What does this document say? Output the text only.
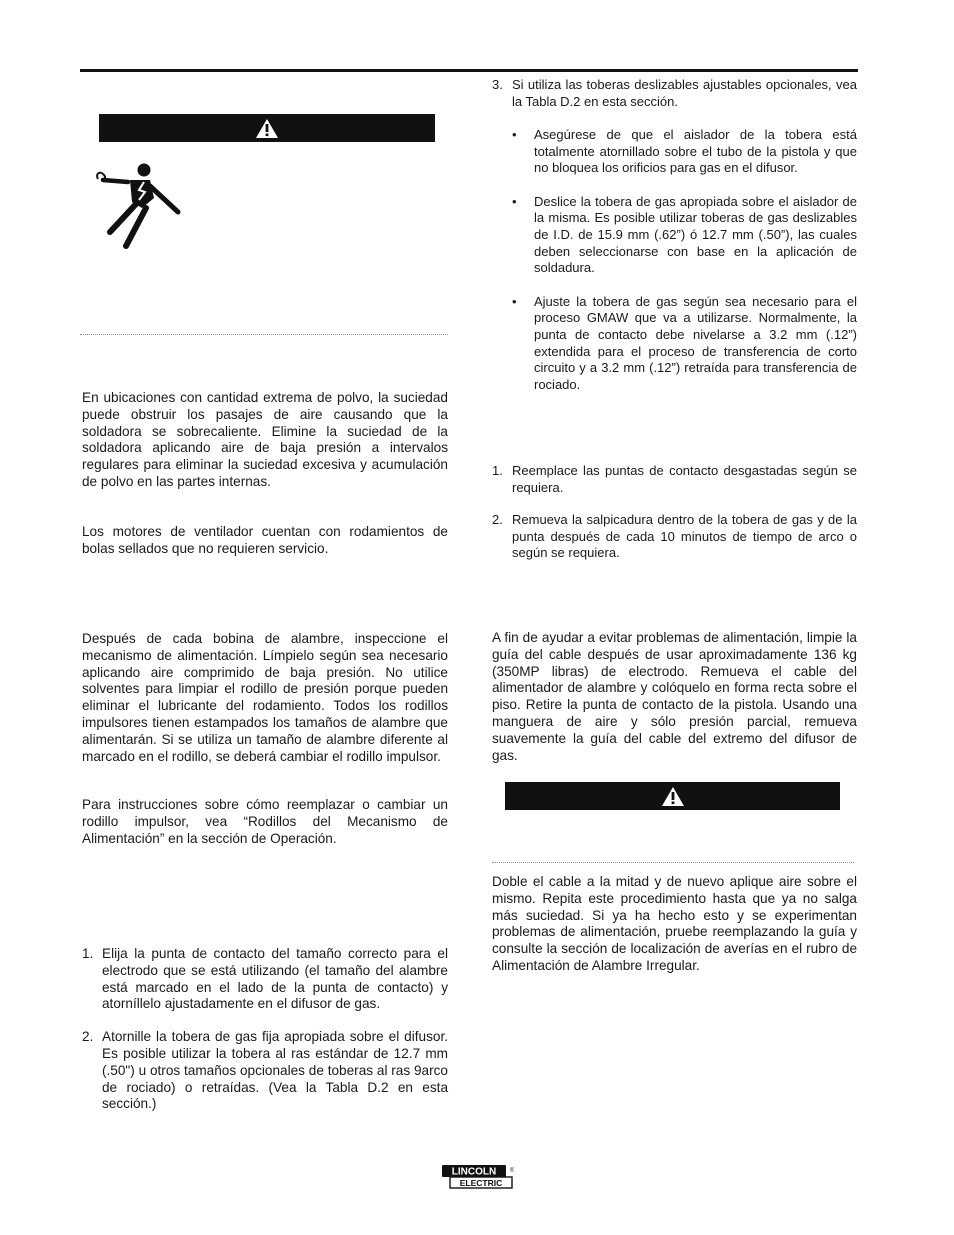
En ubicaciones con cantidad extrema de polvo, la suciedad puede obstruir los pasajes de aire causando que la soldadora se sobrecaliente. Elimine la suciedad de la soldadora aplicando aire de baja presión a intervalos regulares para eliminar la suciedad excesiva y acumulación de polvo en las partes internas.

Los motores de ventilador cuentan con rodamientos de bolas sellados que no requieren servicio.

Después de cada bobina de alambre, inspeccione el mecanismo de alimentación. Límpielo según sea necesario aplicando aire comprimido de baja presión. No utilice solventes para limpiar el rodillo de presión porque pueden eliminar el lubricante del rodamiento. Todos los rodillos impulsores tienen estampados los tamaños de alambre que alimentarán. Si se utiliza un tamaño de alambre diferente al marcado en el rodillo, se deberá cambiar el rodillo impulsor.

Para instrucciones sobre cómo reemplazar o cambiar un rodillo impulsor, vea “Rodillos del Mecanismo de Alimentación” en la sección de Operación.

1. Elija la punta de contacto del tamaño correcto para el electrodo que se está utilizando (el tamaño del alambre está marcado en el lado de la punta de contacto) y atorníllelo ajustadamente en el difusor de gas.
2. Atornille la tobera de gas fija apropiada sobre el difusor. Es posible utilizar la tobera al ras estándar de 12.7 mm (.50") u otros tamaños opcionales de toberas al ras 9arco de rociado) o retraídas. (Vea la Tabla D.2 en esta sección.)
3. Si utiliza las toberas deslizables ajustables opcionales, vea la Tabla D.2 en esta sección.
• Asegúrese de que el aislador de la tobera está totalmente atornillado sobre el tubo de la pistola y que no bloquea los orificios para gas en el difusor.
• Deslice la tobera de gas apropiada sobre el aislador de la misma. Es posible utilizar toberas de gas deslizables de I.D. de 15.9 mm (.62”) ó 12.7 mm (.50”), las cuales deben seleccionarse con base en la aplicación de soldadura.
• Ajuste la tobera de gas según sea necesario para el proceso GMAW que va a utilizarse. Normalmente, la punta de contacto debe nivelarse a 3.2 mm (.12”) extendida para el proceso de transferencia de corto circuito y a 3.2 mm (.12”) retraída para transferencia de rociado.
1. Reemplace las puntas de contacto desgastadas según se requiera.
2. Remueva la salpicadura dentro de la tobera de gas y de la punta después de cada 10 minutos de tiempo de arco o según se requiera.

A fin de ayudar a evitar problemas de alimentación, limpie la guía del cable después de usar aproximadamente 136 kg (350MP libras) de electrodo. Remueva el cable del alimentador de alambre y colóquelo en forma recta sobre el piso. Retire la punta de contacto de la pistola. Usando una manguera de aire y sólo presión parcial, remueva suavemente la guía del cable del extremo del difusor de gas.

Doble el cable a la mitad y de nuevo aplique aire sobre el mismo. Repita este procedimiento hasta que ya no salga más suciedad. Si ya ha hecho esto y se experimentan problemas de alimentación, pruebe reemplazando la guía y consulte la sección de localización de averías en el rubro de Alimentación de Alambre Irregular.

LINCOLN
ELECTRIC
®
